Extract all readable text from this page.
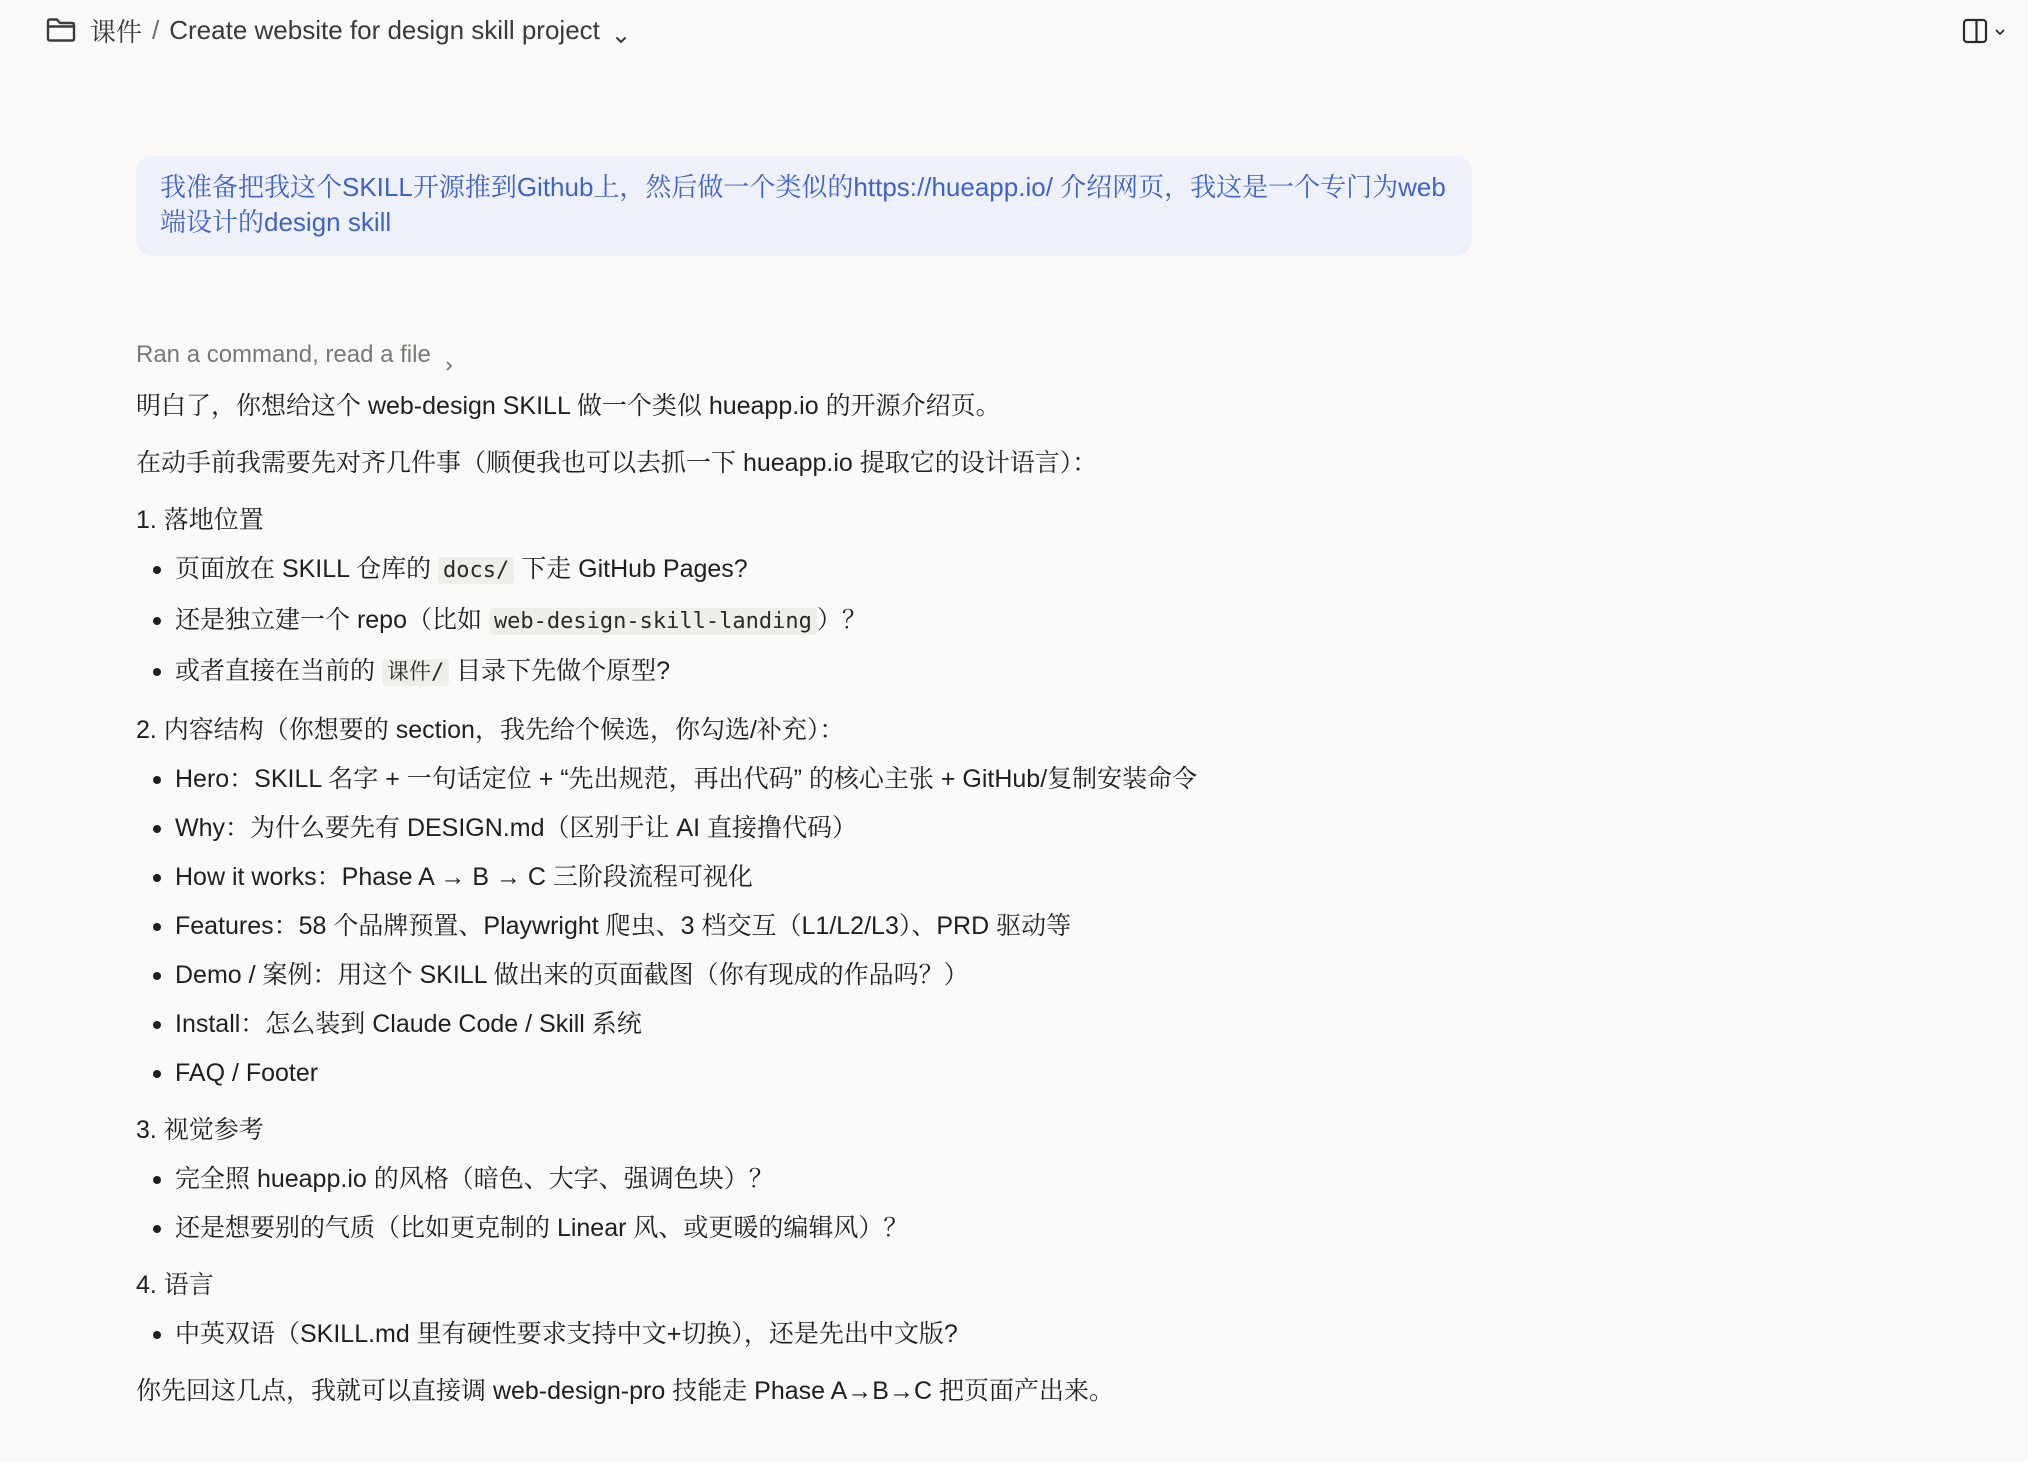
课件 / Create website for design skill project
我准备把我这个SKILL开源推到Github上，然后做一个类似的https://hueapp.io/ 介绍网页，我这是一个专门为web端设计的design skill
Ran a command, read a file

明白了，你想给这个 web-design SKILL 做一个类似 hueapp.io 的开源介绍页。

在动手前我需要先对齐几件事（顺便我也可以去抓一下 hueapp.io 提取它的设计语言）：

1. 落地位置
页面放在 SKILL 仓库的 docs/ 下走 GitHub Pages?
还是独立建一个 repo（比如 web-design-skill-landing ）？
或者直接在当前的 课件/ 目录下先做个原型?
2. 内容结构（你想要的 section，我先给个候选，你勾选/补充）：
Hero：SKILL 名字 + 一句话定位 + “先出规范，再出代码” 的核心主张 + GitHub/复制安装命令
Why：为什么要先有 DESIGN.md（区别于让 AI 直接撸代码）
How it works：Phase A → B → C 三阶段流程可视化
Features：58 个品牌预置、Playwright 爬虫、3 档交互（L1/L2/L3）、PRD 驱动等
Demo / 案例：用这个 SKILL 做出来的页面截图（你有现成的作品吗？）
Install：怎么装到 Claude Code / Skill 系统
FAQ / Footer
3. 视觉参考
完全照 hueapp.io 的风格（暗色、大字、强调色块）？
还是想要别的气质（比如更克制的 Linear 风、或更暖的编辑风）？
4. 语言
中英双语（SKILL.md 里有硬性要求支持中文+切换），还是先出中文版?

你先回这几点，我就可以直接调 web-design-pro 技能走 Phase A→B→C 把页面产出来。
